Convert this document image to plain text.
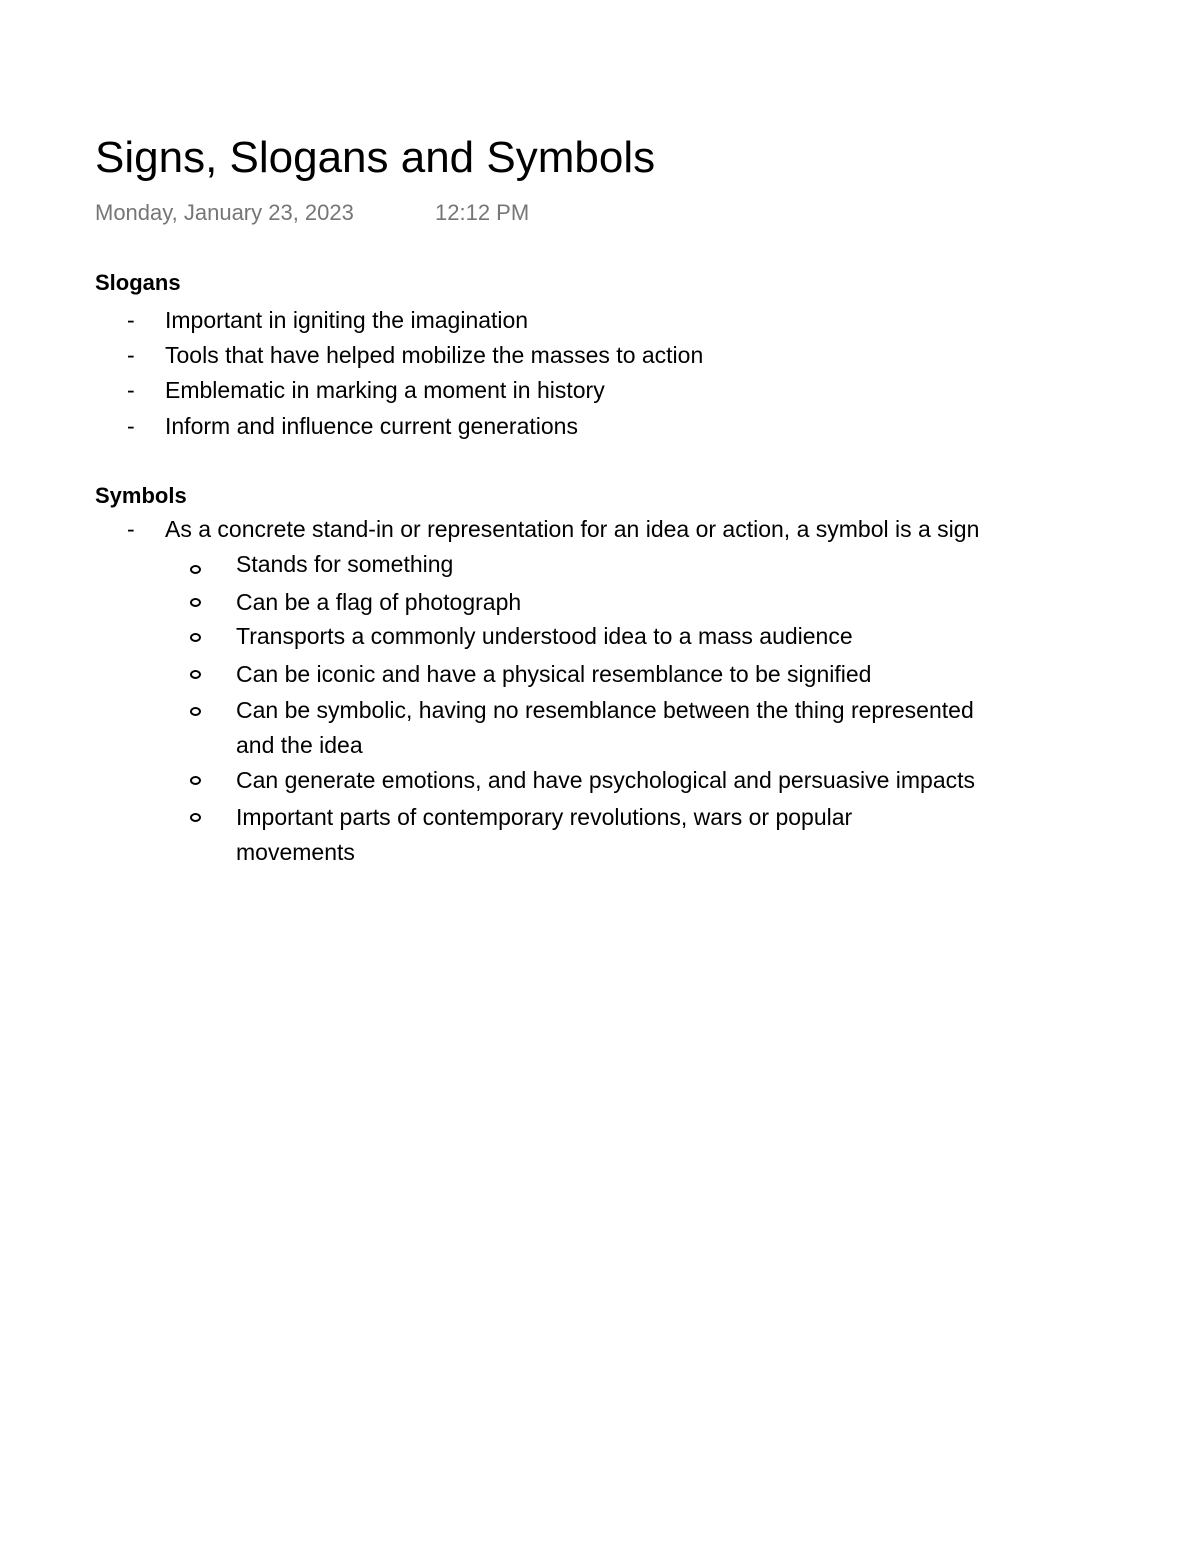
Signs, Slogans and Symbols
Monday, January 23, 2023	12:12 PM
Slogans
- Important in igniting the imagination
- Tools that have helped mobilize the masses to action
- Emblematic in marking a moment in history
- Inform and influence current generations
Symbols
- As a concrete stand-in or representation for an idea or action, a symbol is a sign
Stands for something
Can be a flag of photograph
Transports a commonly understood idea to a mass audience
Can be iconic and have a physical resemblance to be signified
Can be symbolic, having no resemblance between the thing represented
and the idea
Can generate emotions, and have psychological and persuasive impacts
Important parts of contemporary revolutions, wars or popular
movements
